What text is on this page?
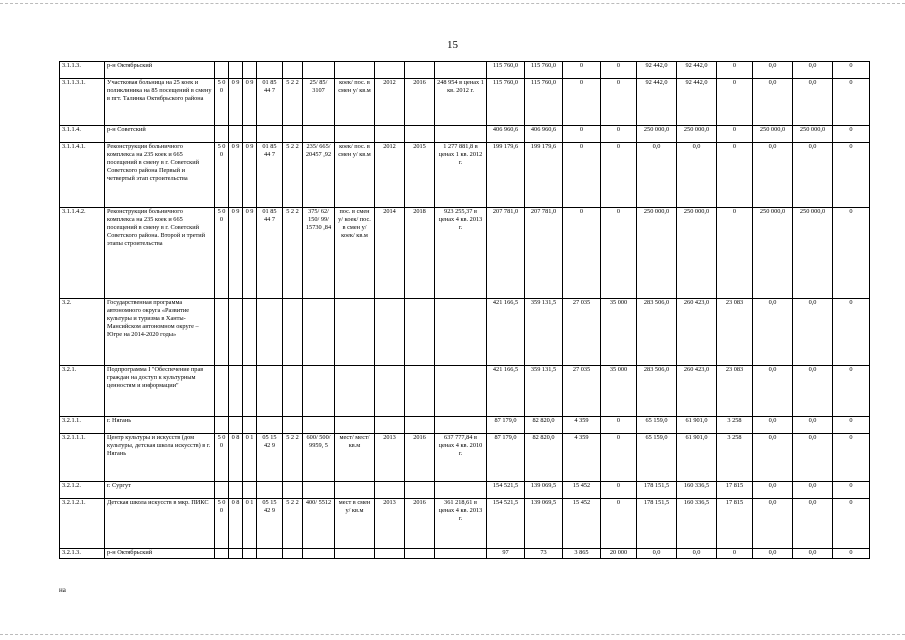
15
3.1.1.3.	р-н Октябрьский											115 760,0	115 760,0	0	0	92 442,0	92 442,0	0	0,0	0,0	0
3.1.1.3.1.	Участковая больница на 25 коек и поликлиника на 85 посещений в смену в пгт. Талинка Октябрьского района	5 0 0	0 9	0 9	01 85 44 7	5 2 2	25/ 85/ 3107	коек/ пос. в смен у/ кв.м	2012	2016	248 954 в ценах 1 кв. 2012 г.	115 760,0	115 760,0	0	0	92 442,0	92 442,0	0	0,0	0,0	0
3.1.1.4.	р-н Советский											406 960,6	406 960,6	0	0	250 000,0	250 000,0	0	250 000,0	250 000,0	0
3.1.1.4.1.	Реконструкция больничного комплекса на 235 коек и 665 посещений в смену в г. Советский Советского района Первый и четвертый этап строительства	5 0 0	0 9	0 9	01 85 44 7	5 2 2	235/ 665/ 20457 ,92	коек/ пос. в смен у/ кв.м	2012	2015	1 277 881,8 в ценах 1 кв. 2012 г.	199 179,6	199 179,6	0	0	0,0	0,0	0	0,0	0,0	0
3.1.1.4.2.	Реконструкция больничного комплекса на 235 коек и 665 посещений в смену в г. Советский Советского района. Второй и третий этапы строительства	5 0 0	0 9	0 9	01 85 44 7	5 2 2	375/ 62/ 150/ 99/ 15730 ,84	пос. в смен у/ коек/ пос. в смен у/ коек/ кв.м	2014	2018	923 255,37 в ценах 4 кв. 2013 г.	207 781,0	207 781,0	0	0	250 000,0	250 000,0	0	250 000,0	250 000,0	0
3.2.	Государственная программа автономного округа «Развитие культуры и туризма в Ханты-Мансийском автономном округе – Югре на 2014-2020 годы»											421 166,5	359 131,5	27 035	35 000	283 506,0	260 423,0	23 083	0,0	0,0	0
3.2.1.	Подпрограмма I "Обеспечение прав граждан на доступ к культурным ценностям и информации"											421 166,5	359 131,5	27 035	35 000	283 506,0	260 423,0	23 083	0,0	0,0	0
3.2.1.1.	г. Нягань											87 179,0	82 820,0	4 359	0	65 159,0	61 901,0	3 258	0,0	0,0	0
3.2.1.1.1.	Центр культуры и искусств (дом культуры, детская школа искусств) в г. Нягань	5 0 0	0 8	0 1	05 15 42 9	5 2 2	600/ 500/ 9959, 5	мест/ мест/ кв.м	2013	2016	637 777,84 в ценах 4 кв. 2010 г.	87 179,0	82 820,0	4 359	0	65 159,0	61 901,0	3 258	0,0	0,0	0
3.2.1.2.	г. Сургут											154 521,5	139 069,5	15 452	0	178 151,5	160 336,5	17 815	0,0	0,0	0
3.2.1.2.1.	Детская школа искусств в мкр. ПИКС	5 0 0	0 8	0 1	05 15 42 9	5 2 2	400/ 5512	мест в смен у/ кв.м	2013	2016	361 218,61 в ценах 4 кв. 2013 г.	154 521,5	139 069,5	15 452	0	178 151,5	160 336,5	17 815	0,0	0,0	0
3.2.1.3.	р-н Октябрьский											97	73	3 865	20 000	0,0	0,0	0	0,0	0,0	0
на
